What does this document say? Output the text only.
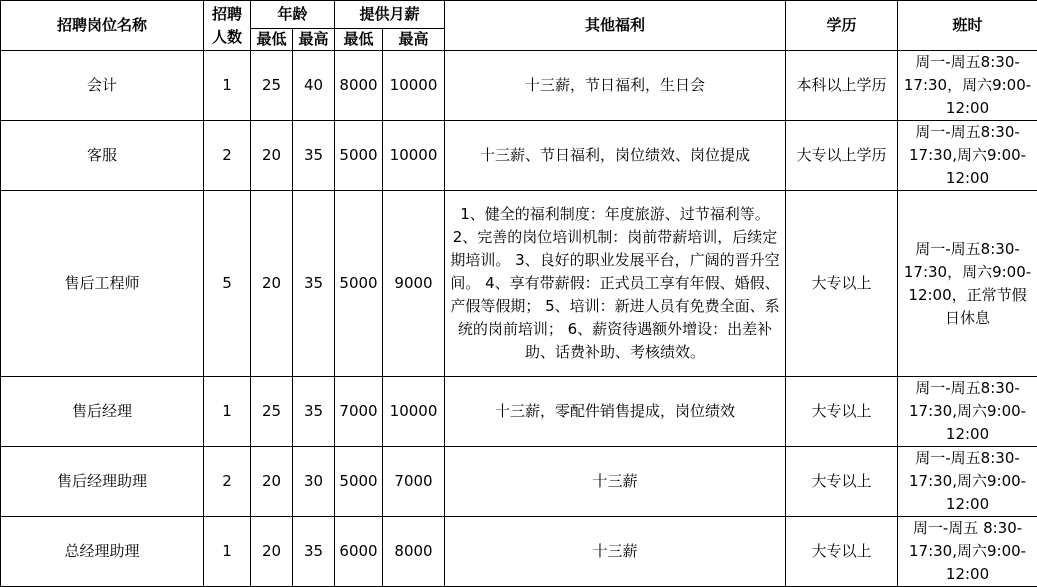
招聘岗位名称	招聘人数	年龄		提供月薪		其他福利	学历	班时
		最低	最高	最低	最高			
会计	1	25	40	8000	10000	十三薪，节日福利，生日会	本科以上学历	周一-周五8:30-17:30，周六9:00-12:00
客服	2	20	35	5000	10000	十三薪、节日福利，岗位绩效、岗位提成	大专以上学历	周一-周五8:30-17:30,周六9:00-12:00
售后工程师	5	20	35	5000	9000	1、健全的福利制度：年度旅游、过节福利等。 2、完善的岗位培训机制：岗前带薪培训，后续定期培训。 3、良好的职业发展平台，广阔的晋升空间。 4、享有带薪假：正式员工享有年假、婚假、产假等假期； 5、培训：新进人员有免费全面、系统的岗前培训； 6、薪资待遇额外增设：出差补助、话费补助、考核绩效。	大专以上	周一-周五8:30-17:30，周六9:00-12:00，正常节假日休息
售后经理	1	25	35	7000	10000	十三薪，零配件销售提成，岗位绩效	大专以上	周一-周五8:30-17:30,周六9:00-12:00
售后经理助理	2	20	30	5000	7000	十三薪	大专以上	周一-周五8:30-17:30,周六9:00-12:00
总经理助理	1	20	35	6000	8000	十三薪	大专以上	周一-周五 8:30-17:30,周六9:00-12:00
